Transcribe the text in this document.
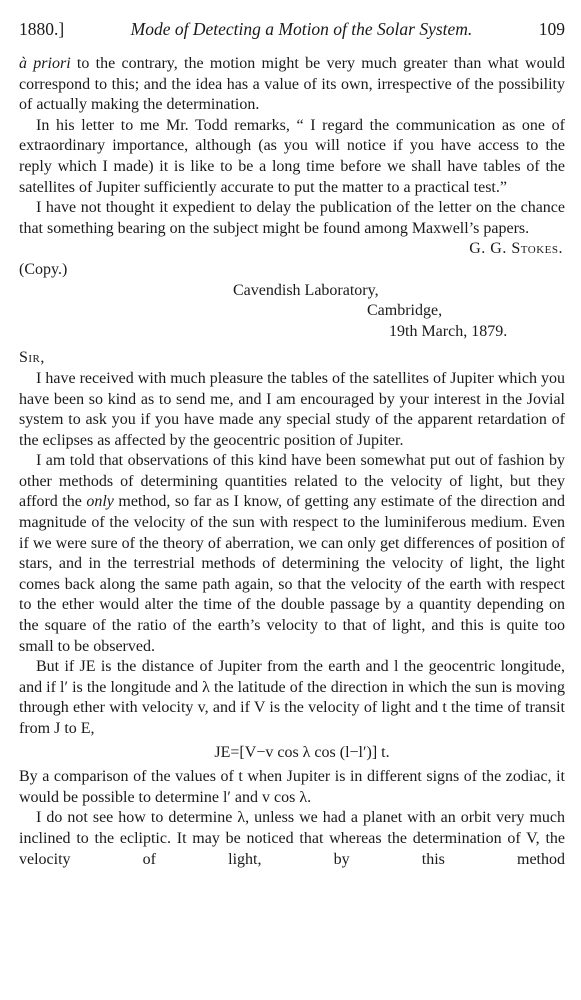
1880.]	Mode of Detecting a Motion of the Solar System.	109

à priori to the contrary, the motion might be very much greater than what would correspond to this; and the idea has a value of its own, irrespective of the possibility of actually making the determination.

In his letter to me Mr. Todd remarks, “ I regard the communication as one of extraordinary importance, although (as you will notice if you have access to the reply which I made) it is like to be a long time before we shall have tables of the satellites of Jupiter sufficiently accurate to put the matter to a practical test.”

I have not thought it expedient to delay the publication of the letter on the chance that something bearing on the subject might be found among Maxwell’s papers.

G. G. Stokes.

(Copy.)

Cavendish Laboratory,

Cambridge,

19th March, 1879.

Sir,

I have received with much pleasure the tables of the satellites of Jupiter which you have been so kind as to send me, and I am encouraged by your interest in the Jovial system to ask you if you have made any special study of the apparent retardation of the eclipses as affected by the geocentric position of Jupiter.

I am told that observations of this kind have been somewhat put out of fashion by other methods of determining quantities related to the velocity of light, but they afford the only method, so far as I know, of getting any estimate of the direction and magnitude of the velocity of the sun with respect to the luminiferous medium. Even if we were sure of the theory of aberration, we can only get differences of position of stars, and in the terrestrial methods of determining the velocity of light, the light comes back along the same path again, so that the velocity of the earth with respect to the ether would alter the time of the double passage by a quantity depending on the square of the ratio of the earth’s velocity to that of light, and this is quite too small to be observed.

But if JE is the distance of Jupiter from the earth and l the geocentric longitude, and if l′ is the longitude and λ the latitude of the direction in which the sun is moving through ether with velocity v, and if V is the velocity of light and t the time of transit from J to E,

JE=[V−v cos λ cos (l−l′)] t.

By a comparison of the values of t when Jupiter is in different signs of the zodiac, it would be possible to determine l′ and v cos λ.

I do not see how to determine λ, unless we had a planet with an orbit very much inclined to the ecliptic. It may be noticed that whereas the determination of V, the velocity of light, by this method
